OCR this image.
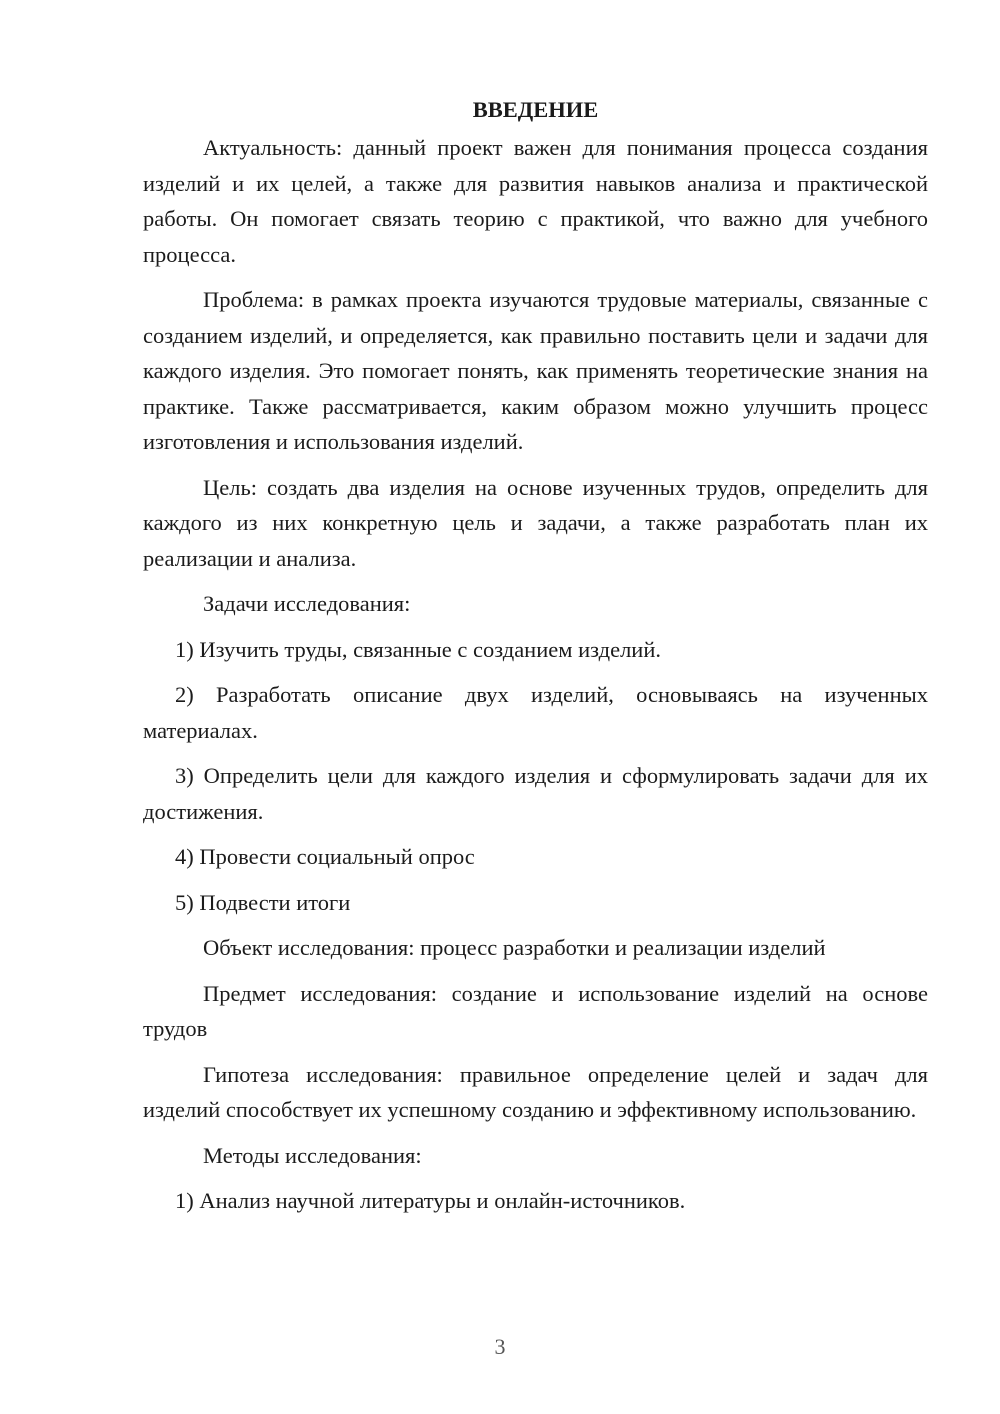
ВВЕДЕНИЕ
Актуальность: данный проект важен для понимания процесса создания изделий и их целей, а также для развития навыков анализа и практической работы. Он помогает связать теорию с практикой, что важно для учебного процесса.
Проблема: в рамках проекта изучаются трудовые материалы, связанные с созданием изделий, и определяется, как правильно поставить цели и задачи для каждого изделия. Это помогает понять, как применять теоретические знания на практике. Также рассматривается, каким образом можно улучшить процесс изготовления и использования изделий.
Цель: создать два изделия на основе изученных трудов, определить для каждого из них конкретную цель и задачи, а также разработать план их реализации и анализа.
Задачи исследования:
1) Изучить труды, связанные с созданием изделий.
2) Разработать описание двух изделий, основываясь на изученных материалах.
3) Определить цели для каждого изделия и сформулировать задачи для их достижения.
4) Провести социальный опрос
5) Подвести итоги
Объект исследования: процесс разработки и реализации изделий
Предмет исследования: создание и использование изделий на основе трудов
Гипотеза исследования: правильное определение целей и задач для изделий способствует их успешному созданию и эффективному использованию.
Методы исследования:
1) Анализ научной литературы и онлайн-источников.
3
